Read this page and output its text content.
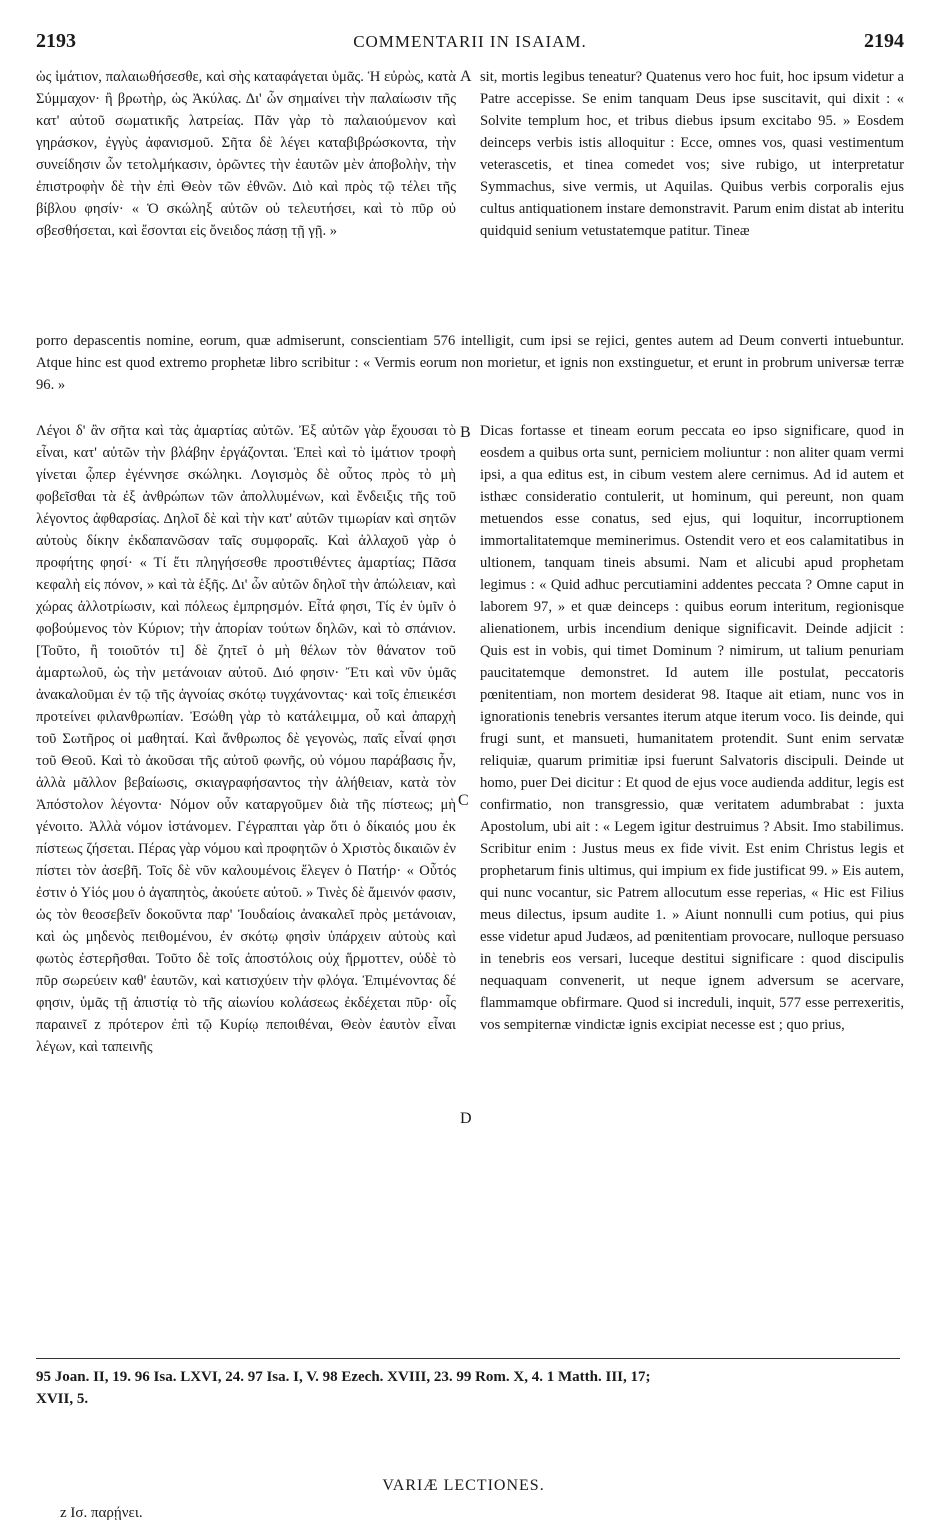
2193	COMMENTARII IN ISAIAM.	2194
ὡς ἱμάτιον, παλαιωθήσεσθε, καὶ σὴς καταφάγεται ὑμᾶς. Ἡ εὐρὼς, κατὰ Σύμμαχον· ἢ βρωτὴρ, ὡς Ἀκύλας. Δι' ὧν σημαίνει τὴν παλαίωσιν τῆς κατ' αὐτοῦ σωματικῆς λατρείας. Πᾶν γὰρ τὸ παλαιούμενον καὶ γηράσκον, ἐγγὺς ἀφανισμοῦ. Σῆτα δὲ λέγει καταβιβρώσκοντα, τὴν συνείδησιν ὧν τετολμήκασιν, ὁρῶντες τὴν ἑαυτῶν μὲν ἀποβολὴν, τὴν ἐπιστροφὴν δὲ τὴν ἐπὶ Θεὸν τῶν ἐθνῶν. Διὸ καὶ πρὸς τῷ τέλει τῆς βίβλου φησίν· « Ὁ σκώληξ αὐτῶν οὐ τελευτήσει, καὶ τὸ πῦρ οὐ σβεσθήσεται, καὶ ἔσονται εἰς ὄνειδος πάσῃ τῇ γῇ. »
A sit, mortis legibus teneatur? Quatenus vero hoc fuit, hoc ipsum videtur a Patre accepisse. Se enim tanquam Deus ipse suscitavit, qui dixit : « Solvite templum hoc, et tribus diebus ipsum excitabo 95. » Eosdem deinceps verbis istis alloquitur : Ecce, omnes vos, quasi vestimentum veterascetis, et tinea comedet vos; sive rubigo, ut interpretatur Symmachus, sive vermis, ut Aquilas. Quibus verbis corporalis ejus cultus antiquationem instare demonstravit. Parum enim distat ab interitu quidquid senium vetustatemque patitur. Tineæ
porro depascentis nomine, eorum, quæ admiserunt, conscientiam 576 intelligit, cum ipsi se rejici, gentes autem ad Deum converti intuebuntur. Atque hinc est quod extremo prophetæ libro scribitur : « Vermis eorum non morietur, et ignis non exstinguetur, et erunt in probrum universæ terræ 96. »
Λέγοι δ' ἂν σῆτα καὶ τὰς ἁμαρτίας αὐτῶν. Ἐξ αὐτῶν γὰρ ἔχουσαι τὸ εἶναι, κατ' αὐτῶν τὴν βλάβην ἐργάζονται. Ἐπεὶ καὶ τὸ ἱμάτιον τροφὴ γίνεται ᾧπερ ἐγέννησε σκώληκι. Λογισμὸς δὲ οὗτος πρὸς τὸ μὴ φοβεῖσθαι τὰ ἐξ ἀνθρώπων τῶν ἀπολλυμένων, καὶ ἔνδειξις τῆς τοῦ λέγοντος ἀφθαρσίας. Δηλοῖ δὲ καὶ τὴν κατ' αὐτῶν τιμωρίαν καὶ σητῶν αὐτοὺς δίκην ἐκδαπανῶσαν ταῖς συμφοραῖς. Καὶ ἀλλαχοῦ γὰρ ὁ προφήτης φησί· « Τί ἔτι πληγήσεσθε προστιθέντες ἁμαρτίας; Πᾶσα κεφαλὴ εἰς πόνον, » καὶ τὰ ἑξῆς. Δι' ὧν αὐτῶν δηλοῖ τὴν ἀπώλειαν, καὶ χώρας ἀλλοτρίωσιν, καὶ πόλεως ἐμπρησμόν. Εἶτά φησι, Τίς ἐν ὑμῖν ὁ φοβούμενος τὸν Κύριον; τὴν ἀπορίαν τούτων δηλῶν, καὶ τὸ σπάνιον. [Τοῦτο, ἢ τοιοῦτόν τι] δὲ ζητεῖ ὁ μὴ θέλων τὸν θάνατον τοῦ ἁμαρτωλοῦ, ὡς τὴν μετάνοιαν αὐτοῦ. Διό φησιν· Ἔτι καὶ νῦν ὑμᾶς ἀνακαλοῦμαι ἐν τῷ τῆς ἀγνοίας σκότῳ τυγχάνοντας· καὶ τοῖς ἐπιεικέσι προτείνει φιλανθρωπίαν. Ἐσώθη γὰρ τὸ κατάλειμμα, οὗ καὶ ἀπαρχὴ τοῦ Σωτῆρος οἱ μαθηταί. Καὶ ἄνθρωπος δὲ γεγονὼς, παῖς εἶναί φησι τοῦ Θεοῦ. Καὶ τὸ ἀκοῦσαι τῆς αὐτοῦ φωνῆς, οὐ νόμου παράβασις ἦν, ἀλλὰ μᾶλλον βεβαίωσις, σκιαγραφήσαντος τὴν ἀλήθειαν, κατὰ τὸν Ἀπόστολον λέγοντα· Νόμον οὖν καταργοῦμεν διὰ τῆς πίστεως; μὴ γένοιτο. Ἀλλὰ νόμον ἱστάνομεν. Γέγραπται γὰρ ὅτι ὁ δίκαιός μου ἐκ πίστεως ζήσεται. Πέρας γὰρ νόμου καὶ προφητῶν ὁ Χριστὸς δικαιῶν ἐν πίστει τὸν ἀσεβῆ. Τοῖς δὲ νῦν καλουμένοις ἔλεγεν ὁ Πατήρ· « Οὗτός ἐστιν ὁ Υἱός μου ὁ ἀγαπητὸς, ἀκούετε αὐτοῦ. » Τινὲς δὲ ἄμεινόν φασιν, ὡς τὸν θεοσεβεῖν δοκοῦντα παρ' Ἰουδαίοις ἀνακαλεῖ πρὸς μετάνοιαν, καὶ ὡς μηδενὸς πειθομένου, ἐν σκότῳ φησὶν ὑπάρχειν αὐτοὺς καὶ φωτὸς ἐστερῆσθαι. Τοῦτο δὲ τοῖς ἀποστόλοις οὐχ ἥρμοττεν, οὐδὲ τὸ πῦρ σωρεύειν καθ' ἑαυτῶν, καὶ κατισχύειν τὴν φλόγα. Ἐπιμένοντας δέ φησιν, ὑμᾶς τῇ ἀπιστίᾳ τὸ τῆς αἰωνίου κολάσεως ἐκδέχεται πῦρ· οἷς παραινεῖ z πρότερον ἐπὶ τῷ Κυρίῳ πεποιθέναι, Θεὸν ἑαυτὸν εἶναι λέγων, καὶ ταπεινῆς
B
C
D
Dicas fortasse et tineam eorum peccata eo ipso significare, quod in eosdem a quibus orta sunt, perniciem moliuntur : non aliter quam vermi ipsi, a qua editus est, in cibum vestem alere cernimus. Ad id autem et isthæc consideratio contulerit, ut hominum, qui pereunt, non quam metuendos esse conatus, sed ejus, qui loquitur, incorruptionem immortalitatemque meminerimus. Ostendit vero et eos calamitatibus in ultionem, tanquam tineis absumi. Nam et alicubi apud prophetam legimus : « Quid adhuc percutiamini addentes peccata ? Omne caput in laborem 97, » et quæ deinceps : quibus eorum interitum, regionisque alienationem, urbis incendium denique significavit. Deinde adjicit : Quis est in vobis, qui timet Dominum ? nimirum, ut talium penuriam paucitatemque demonstret. Id autem ille postulat, peccatoris pœnitentiam, non mortem desiderat 98. Itaque ait etiam, nunc vos in ignorationis tenebris versantes iterum atque iterum voco. Iis deinde, qui frugi sunt, et mansueti, humanitatem protendit. Sunt enim servatæ reliquiæ, quarum primitiæ ipsi fuerunt Salvatoris discipuli. Deinde ut homo, puer Dei dicitur : Et quod de ejus voce audienda additur, legis est confirmatio, non transgressio, quæ veritatem adumbrabat : juxta Apostolum, ubi ait : « Legem igitur destruimus ? Absit. Imo stabilimus. Scribitur enim : Justus meus ex fide vivit. Est enim Christus legis et prophetarum finis ultimus, qui impium ex fide justificat 99. » Eis autem, qui nunc vocantur, sic Patrem allocutum esse reperias, « Hic est Filius meus dilectus, ipsum audite 1. » Aiunt nonnulli cum potius, qui pius esse videtur apud Judæos, ad pœnitentiam provocare, nulloque persuaso in tenebris eos versari, luceque destitui significare : quod discipulis nequaquam convenerit, ut neque ignem adversum se acervare, flammamque obfirmare. Quod si increduli, inquit, 577 esse perrexeritis, vos sempiternæ vindictæ ignis excipiat necesse est ; quo prius,
95 Joan. II, 19. 96 Isa. LXVI, 24. 97 Isa. I, V. 98 Ezech. XVIII, 23. 99 Rom. X, 4. 1 Matth. III, 17;
XVII, 5.
VARIÆ LECTIONES.
z Ισ. παρῄνει.
